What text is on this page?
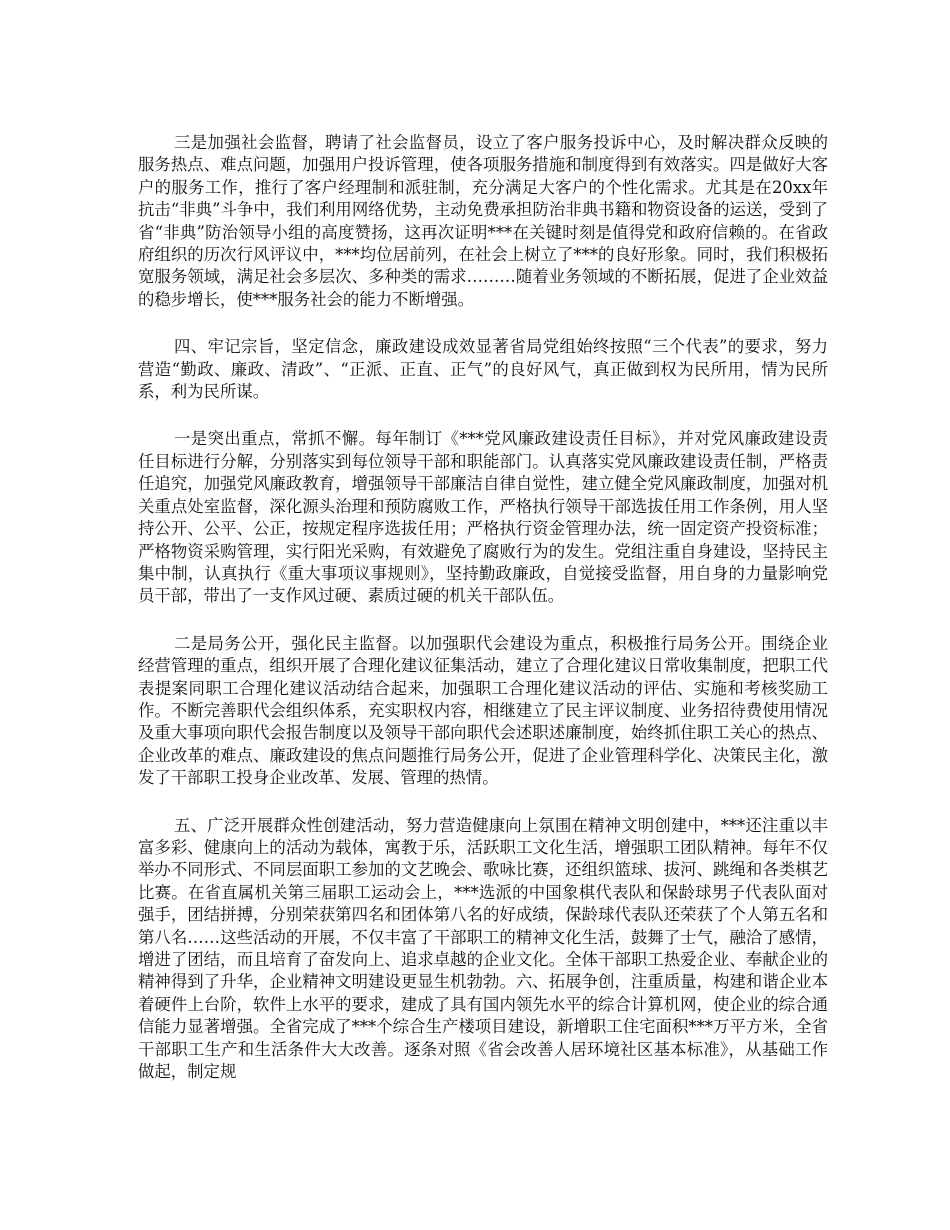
三是加强社会监督，聘请了社会监督员，设立了客户服务投诉中心，及时解决群众反映的服务热点、难点问题，加强用户投诉管理，使各项服务措施和制度得到有效落实。四是做好大客户的服务工作，推行了客户经理制和派驻制，充分满足大客户的个性化需求。尤其是在20xx年抗击“非典”斗争中，我们利用网络优势，主动免费承担防治非典书籍和物资设备的运送，受到了省“非典”防治领导小组的高度赞扬，这再次证明***在关键时刻是值得党和政府信赖的。在省政府组织的历次行风评议中，***均位居前列，在社会上树立了***的良好形象。同时，我们积极拓宽服务领域，满足社会多层次、多种类的需求………随着业务领域的不断拓展，促进了企业效益的稳步增长，使***服务社会的能力不断增强。

四、牢记宗旨，坚定信念，廉政建设成效显著省局党组始终按照“三个代表”的要求，努力营造“勤政、廉政、清政”、“正派、正直、正气”的良好风气，真正做到权为民所用，情为民所系，利为民所谋。

一是突出重点，常抓不懈。每年制订《***党风廉政建设责任目标》，并对党风廉政建设责任目标进行分解，分别落实到每位领导干部和职能部门。认真落实党风廉政建设责任制，严格责任追究，加强党风廉政教育，增强领导干部廉洁自律自觉性，建立健全党风廉政制度，加强对机关重点处室监督，深化源头治理和预防腐败工作，严格执行领导干部选拔任用工作条例，用人坚持公开、公平、公正，按规定程序选拔任用；严格执行资金管理办法，统一固定资产投资标准；严格物资采购管理，实行阳光采购，有效避免了腐败行为的发生。党组注重自身建设，坚持民主集中制，认真执行《重大事项议事规则》，坚持勤政廉政，自觉接受监督，用自身的力量影响党员干部，带出了一支作风过硬、素质过硬的机关干部队伍。

二是局务公开，强化民主监督。以加强职代会建设为重点，积极推行局务公开。围绕企业经营管理的重点，组织开展了合理化建议征集活动，建立了合理化建议日常收集制度，把职工代表提案同职工合理化建议活动结合起来，加强职工合理化建议活动的评估、实施和考核奖励工作。不断完善职代会组织体系，充实职权内容，相继建立了民主评议制度、业务招待费使用情况及重大事项向职代会报告制度以及领导干部向职代会述职述廉制度，始终抓住职工关心的热点、企业改革的难点、廉政建设的焦点问题推行局务公开，促进了企业管理科学化、决策民主化，激发了干部职工投身企业改革、发展、管理的热情。

五、广泛开展群众性创建活动，努力营造健康向上氛围在精神文明创建中，***还注重以丰富多彩、健康向上的活动为载体，寓教于乐，活跃职工文化生活，增强职工团队精神。每年不仅举办不同形式、不同层面职工参加的文艺晚会、歌咏比赛，还组织篮球、拔河、跳绳和各类棋艺比赛。在省直属机关第三届职工运动会上，***选派的中国象棋代表队和保龄球男子代表队面对强手，团结拼搏，分别荣获第四名和团体第八名的好成绩，保龄球代表队还荣获了个人第五名和第八名……这些活动的开展，不仅丰富了干部职工的精神文化生活，鼓舞了士气，融洽了感情，增进了团结，而且培育了奋发向上、追求卓越的企业文化。全体干部职工热爱企业、奉献企业的精神得到了升华，企业精神文明建设更显生机勃勃。六、拓展争创，注重质量，构建和谐企业本着硬件上台阶，软件上水平的要求，建成了具有国内领先水平的综合计算机网，使企业的综合通信能力显著增强。全省完成了***个综合生产楼项目建设，新增职工住宅面积***万平方米，全省干部职工生产和生活条件大大改善。逐条对照《省会改善人居环境社区基本标准》，从基础工作做起，制定规
